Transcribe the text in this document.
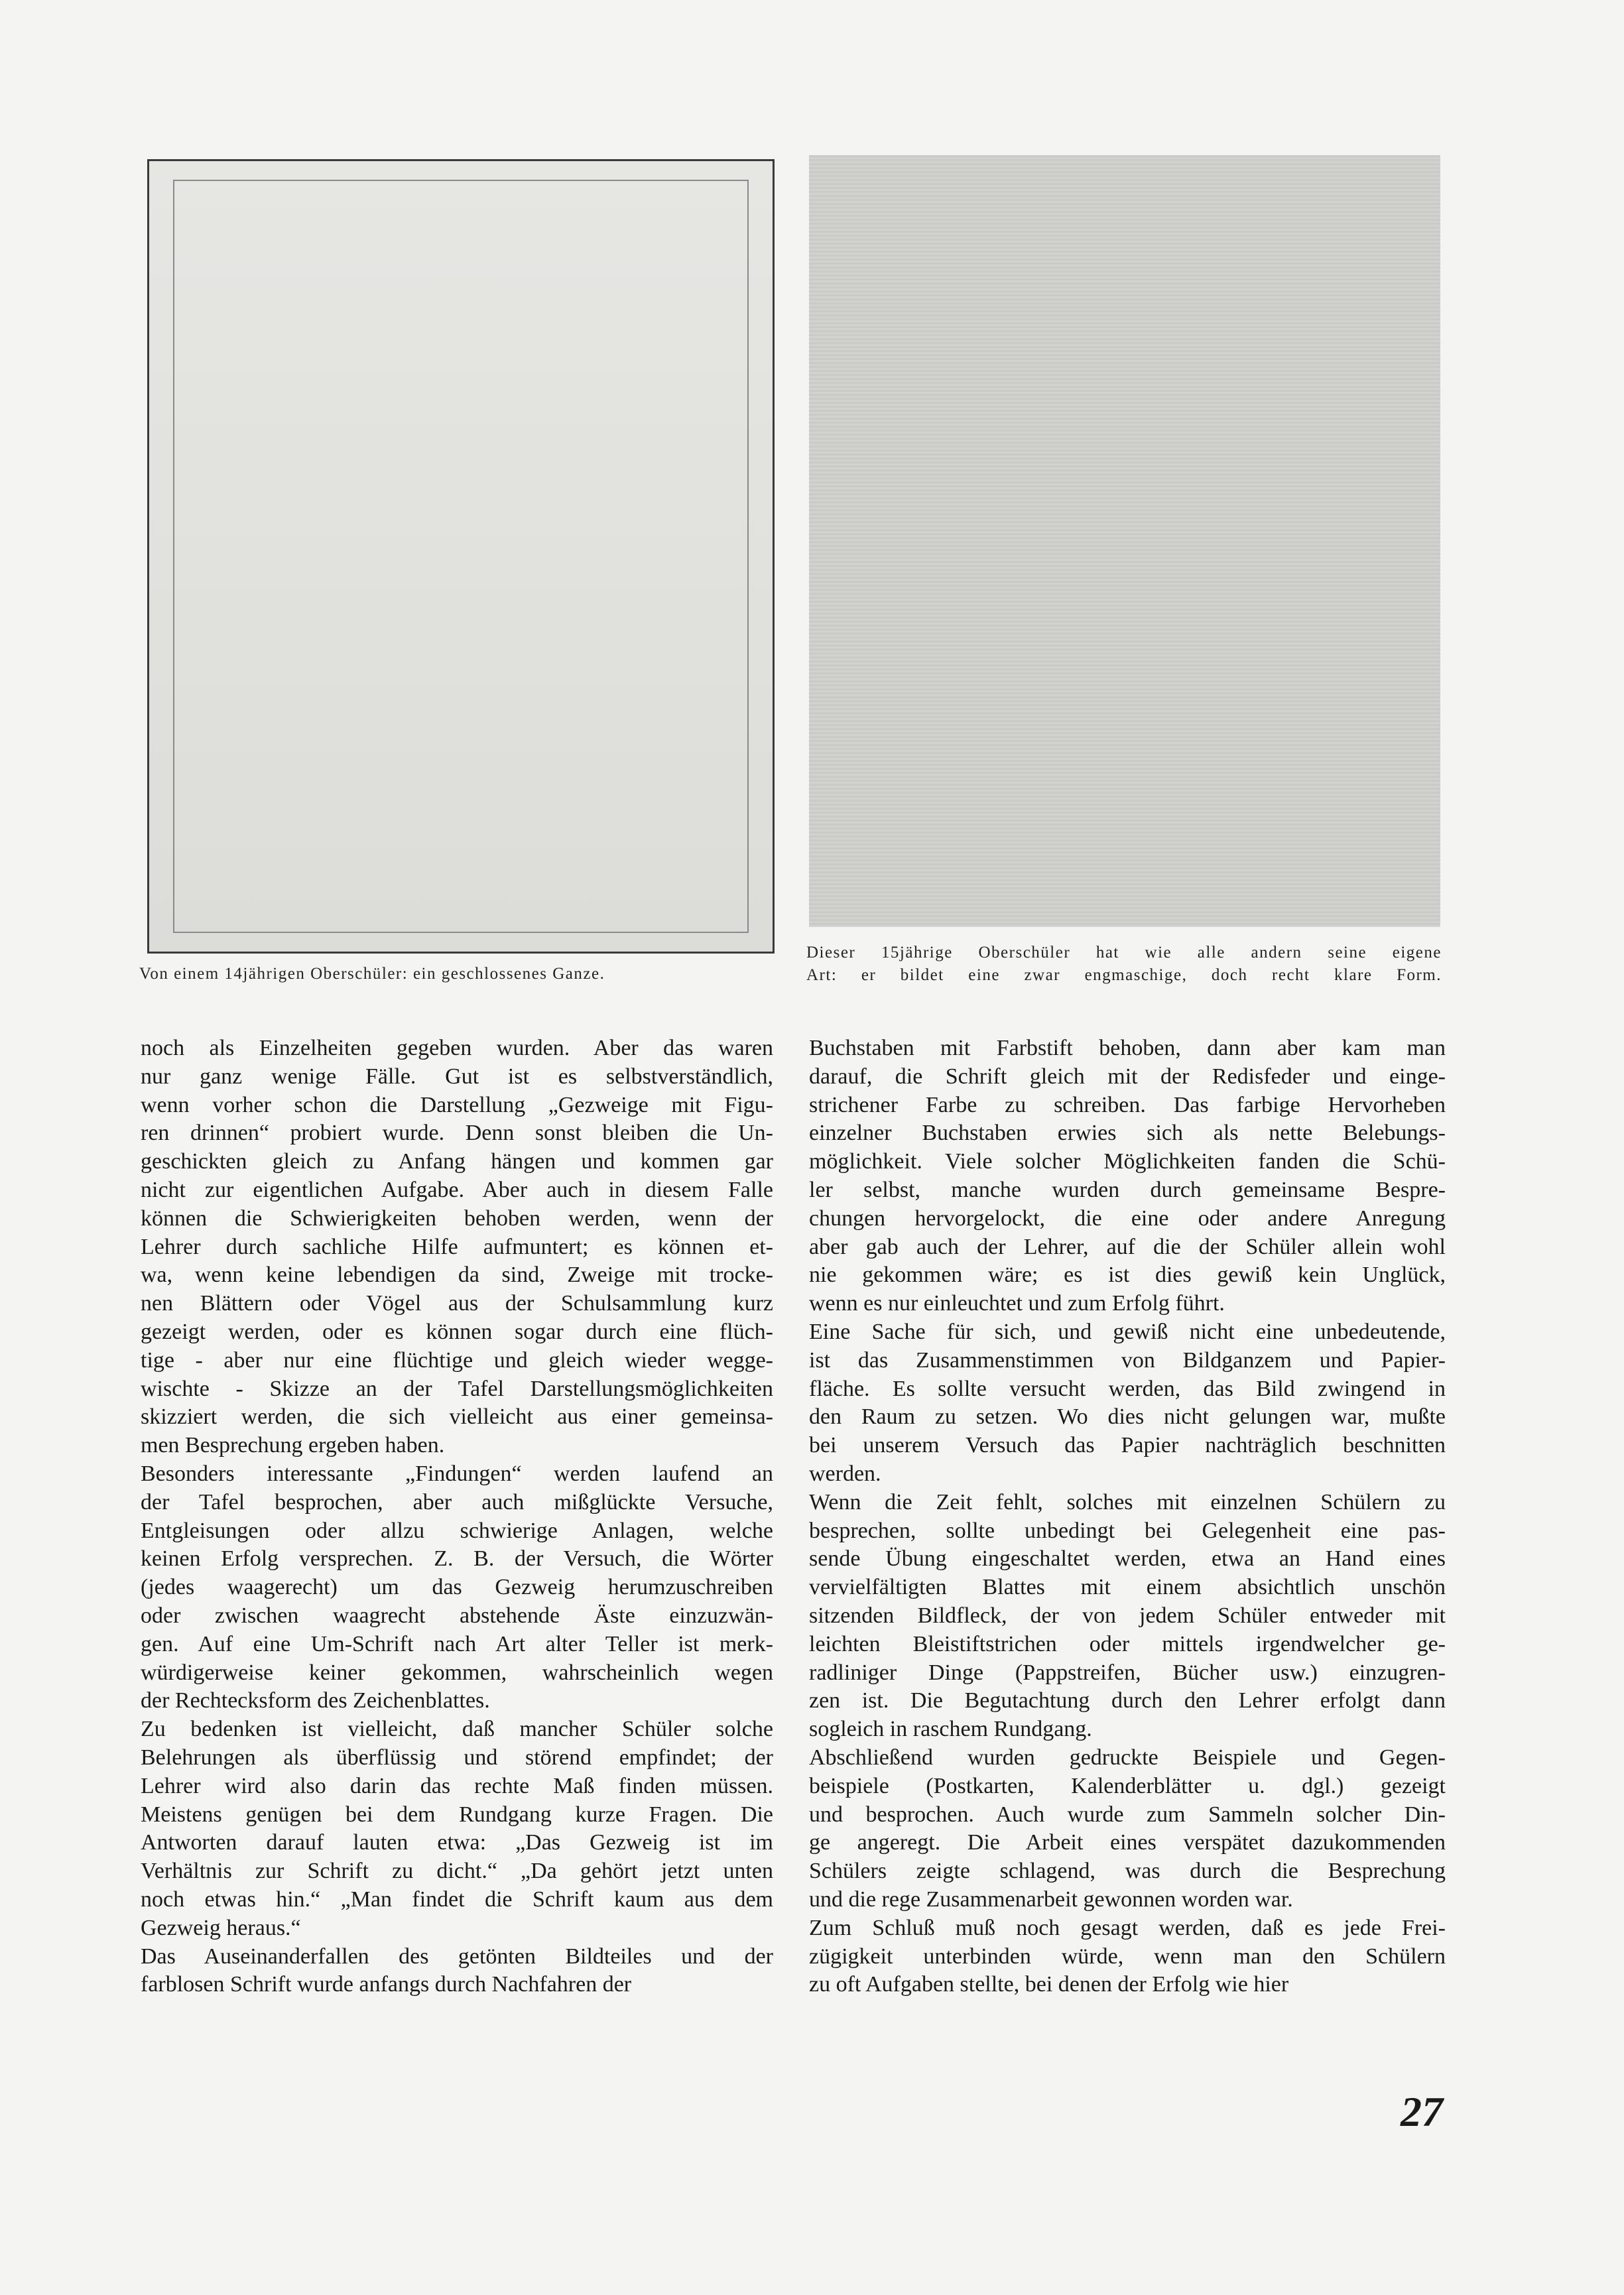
Von einem 14jährigen Oberschüler: ein geschlossenes Ganze.
Dieser 15jährige Oberschüler hat wie alle andern seine eigene
Art: er bildet eine zwar engmaschige, doch recht klare Form.
noch als Einzelheiten gegeben wurden. Aber das waren
nur ganz wenige Fälle. Gut ist es selbstverständlich,
wenn vorher schon die Darstellung „Gezweige mit Figu-
ren drinnen“ probiert wurde. Denn sonst bleiben die Un-
geschickten gleich zu Anfang hängen und kommen gar
nicht zur eigentlichen Aufgabe. Aber auch in diesem Falle
können die Schwierigkeiten behoben werden, wenn der
Lehrer durch sachliche Hilfe aufmuntert; es können et-
wa, wenn keine lebendigen da sind, Zweige mit trocke-
nen Blättern oder Vögel aus der Schulsammlung kurz
gezeigt werden, oder es können sogar durch eine flüch-
tige - aber nur eine flüchtige und gleich wieder wegge-
wischte - Skizze an der Tafel Darstellungsmöglichkeiten
skizziert werden, die sich vielleicht aus einer gemeinsa-
men Besprechung ergeben haben.
Besonders interessante „Findungen“ werden laufend an
der Tafel besprochen, aber auch mißglückte Versuche,
Entgleisungen oder allzu schwierige Anlagen, welche
keinen Erfolg versprechen. Z. B. der Versuch, die Wörter
(jedes waagerecht) um das Gezweig herumzuschreiben
oder zwischen waagrecht abstehende Äste einzuzwän-
gen. Auf eine Um-Schrift nach Art alter Teller ist merk-
würdigerweise keiner gekommen, wahrscheinlich wegen
der Rechtecksform des Zeichenblattes.
Zu bedenken ist vielleicht, daß mancher Schüler solche
Belehrungen als überflüssig und störend empfindet; der
Lehrer wird also darin das rechte Maß finden müssen.
Meistens genügen bei dem Rundgang kurze Fragen. Die
Antworten darauf lauten etwa: „Das Gezweig ist im
Verhältnis zur Schrift zu dicht.“ „Da gehört jetzt unten
noch etwas hin.“ „Man findet die Schrift kaum aus dem
Gezweig heraus.“
Das Auseinanderfallen des getönten Bildteiles und der
farblosen Schrift wurde anfangs durch Nachfahren der
Buchstaben mit Farbstift behoben, dann aber kam man
darauf, die Schrift gleich mit der Redisfeder und einge-
strichener Farbe zu schreiben. Das farbige Hervorheben
einzelner Buchstaben erwies sich als nette Belebungs-
möglichkeit. Viele solcher Möglichkeiten fanden die Schü-
ler selbst, manche wurden durch gemeinsame Bespre-
chungen hervorgelockt, die eine oder andere Anregung
aber gab auch der Lehrer, auf die der Schüler allein wohl
nie gekommen wäre; es ist dies gewiß kein Unglück,
wenn es nur einleuchtet und zum Erfolg führt.
Eine Sache für sich, und gewiß nicht eine unbedeutende,
ist das Zusammenstimmen von Bildganzem und Papier-
fläche. Es sollte versucht werden, das Bild zwingend in
den Raum zu setzen. Wo dies nicht gelungen war, mußte
bei unserem Versuch das Papier nachträglich beschnitten
werden.
Wenn die Zeit fehlt, solches mit einzelnen Schülern zu
besprechen, sollte unbedingt bei Gelegenheit eine pas-
sende Übung eingeschaltet werden, etwa an Hand eines
vervielfältigten Blattes mit einem absichtlich unschön
sitzenden Bildfleck, der von jedem Schüler entweder mit
leichten Bleistiftstrichen oder mittels irgendwelcher ge-
radliniger Dinge (Pappstreifen, Bücher usw.) einzugren-
zen ist. Die Begutachtung durch den Lehrer erfolgt dann
sogleich in raschem Rundgang.
Abschließend wurden gedruckte Beispiele und Gegen-
beispiele (Postkarten, Kalenderblätter u. dgl.) gezeigt
und besprochen. Auch wurde zum Sammeln solcher Din-
ge angeregt. Die Arbeit eines verspätet dazukommenden
Schülers zeigte schlagend, was durch die Besprechung
und die rege Zusammenarbeit gewonnen worden war.
Zum Schluß muß noch gesagt werden, daß es jede Frei-
zügigkeit unterbinden würde, wenn man den Schülern
zu oft Aufgaben stellte, bei denen der Erfolg wie hier
27
